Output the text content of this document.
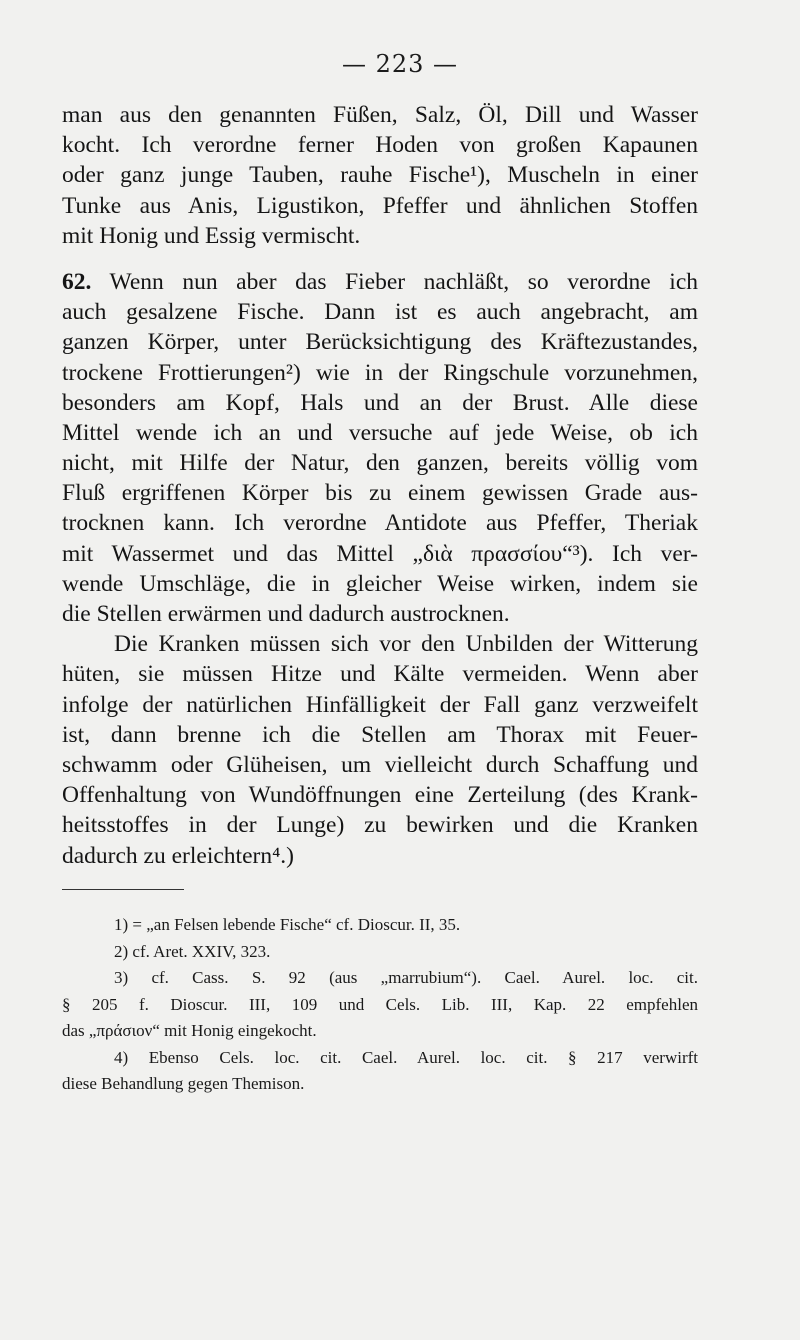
— 223 —
man aus den genannten Füßen, Salz, Öl, Dill und Wasser
kocht. Ich verordne ferner Hoden von großen Kapaunen
oder ganz junge Tauben, rauhe Fische¹), Muscheln in einer
Tunke aus Anis, Ligustikon, Pfeffer und ähnlichen Stoffen
mit Honig und Essig vermischt.
62. Wenn nun aber das Fieber nachläßt, so verordne ich
auch gesalzene Fische. Dann ist es auch angebracht, am
ganzen Körper, unter Berücksichtigung des Kräftezustandes,
trockene Frottierungen²) wie in der Ringschule vorzunehmen,
besonders am Kopf, Hals und an der Brust. Alle diese
Mittel wende ich an und versuche auf jede Weise, ob ich
nicht, mit Hilfe der Natur, den ganzen, bereits völlig vom
Fluß ergriffenen Körper bis zu einem gewissen Grade aus-
trocknen kann. Ich verordne Antidote aus Pfeffer, Theriak
mit Wassermet und das Mittel „διὰ πρασσίου“³). Ich ver-
wende Umschläge, die in gleicher Weise wirken, indem sie
die Stellen erwärmen und dadurch austrocknen.
Die Kranken müssen sich vor den Unbilden der Witterung
hüten, sie müssen Hitze und Kälte vermeiden. Wenn aber
infolge der natürlichen Hinfälligkeit der Fall ganz verzweifelt
ist, dann brenne ich die Stellen am Thorax mit Feuer-
schwamm oder Glüheisen, um vielleicht durch Schaffung und
Offenhaltung von Wundöffnungen eine Zerteilung (des Krank-
heitsstoffes in der Lunge) zu bewirken und die Kranken
dadurch zu erleichtern⁴.)
1) = „an Felsen lebende Fische“ cf. Dioscur. II, 35.
2) cf. Aret. XXIV, 323.
3) cf. Cass. S. 92 (aus „marrubium“). Cael. Aurel. loc. cit.
§ 205 f. Dioscur. III, 109 und Cels. Lib. III, Kap. 22 empfehlen
das „πράσιον“ mit Honig eingekocht.
4) Ebenso Cels. loc. cit. Cael. Aurel. loc. cit. § 217 verwirft
diese Behandlung gegen Themison.
